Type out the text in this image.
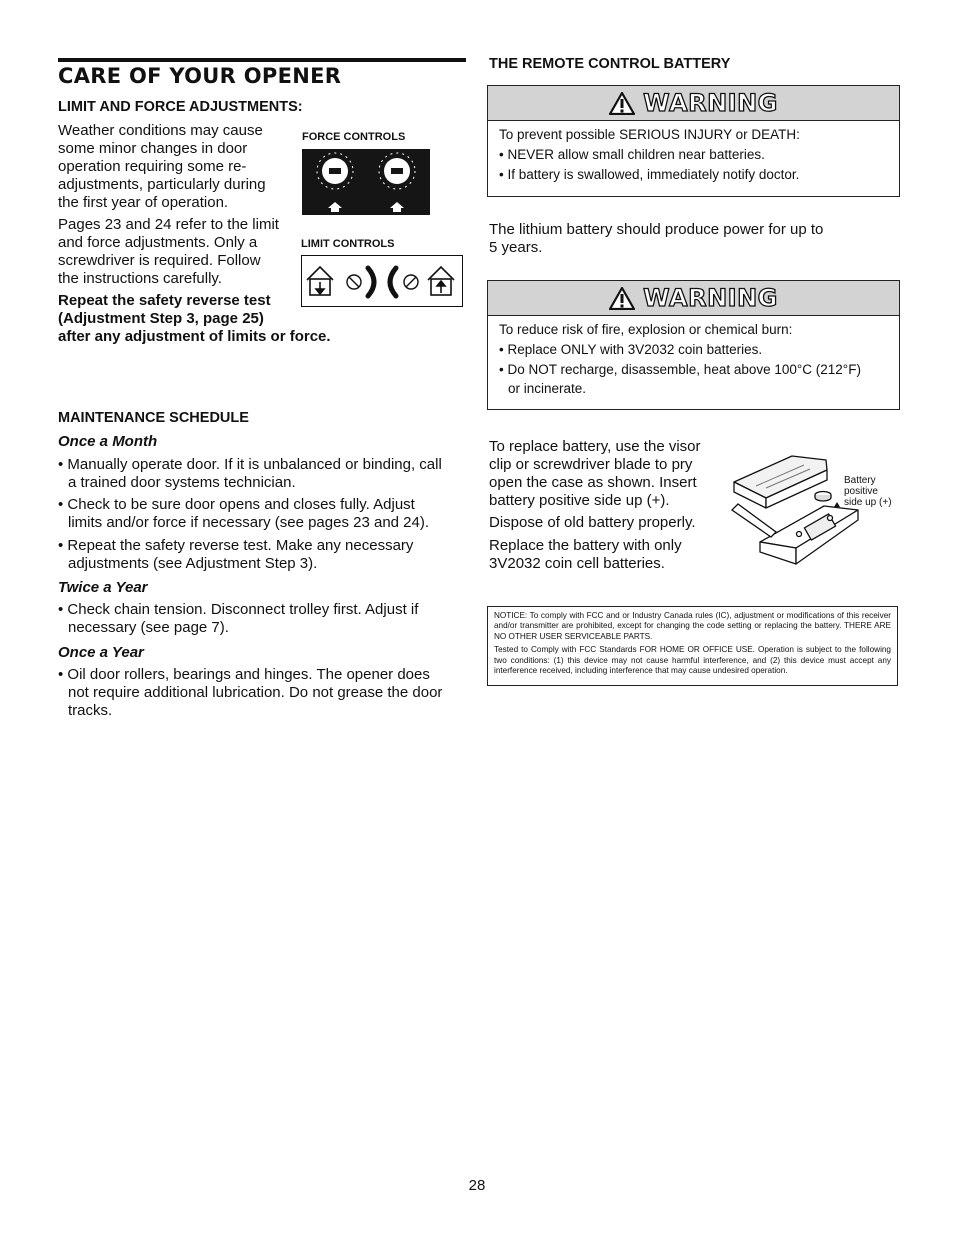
CARE OF YOUR OPENER
LIMIT AND FORCE ADJUSTMENTS:
Weather conditions may cause
some minor changes in door
operation requiring some re-
adjustments, particularly during
the first year of operation.
Pages 23 and 24 refer to the limit
and force adjustments. Only a
screwdriver is required. Follow
the instructions carefully.
Repeat the safety reverse test
(Adjustment Step 3, page 25)
after any adjustment of limits or force.
FORCE CONTROLS
LIMIT CONTROLS
MAINTENANCE SCHEDULE
Once a Month
• Manually operate door. If it is unbalanced or binding, call
a trained door systems technician.
• Check to be sure door opens and closes fully. Adjust
limits and/or force if necessary (see pages 23 and 24).
• Repeat the safety reverse test. Make any necessary
adjustments (see Adjustment Step 3).
Twice a Year
• Check chain tension. Disconnect trolley first. Adjust if
necessary (see page 7).
Once a Year
• Oil door rollers, bearings and hinges. The opener does
not require additional lubrication. Do not grease the door
tracks.
THE REMOTE CONTROL BATTERY
WARNING
To prevent possible SERIOUS INJURY or DEATH:
• NEVER allow small children near batteries.
• If battery is swallowed, immediately notify doctor.
The lithium battery should produce power for up to
5 years.
WARNING
To reduce risk of fire, explosion or chemical burn:
• Replace ONLY with 3V2032 coin batteries.
• Do NOT recharge, disassemble, heat above 100°C (212°F)
or incinerate.
To replace battery, use the visor
clip or screwdriver blade to pry
open the case as shown. Insert
battery positive side up (+).
Dispose of old battery properly.
Replace the battery with only
3V2032 coin cell batteries.
Battery
positive
side up (+)

NOTICE: To comply with FCC and or Industry Canada rules (IC), adjustment or modifications of this receiver and/or transmitter are prohibited, except for changing the code setting or replacing the battery. THERE ARE NO OTHER USER SERVICEABLE PARTS.

Tested to Comply with FCC Standards FOR HOME OR OFFICE USE. Operation is subject to the following two conditions: (1) this device may not cause harmful interference, and (2) this device must accept any interference received, including interference that may cause undesired operation.

28
